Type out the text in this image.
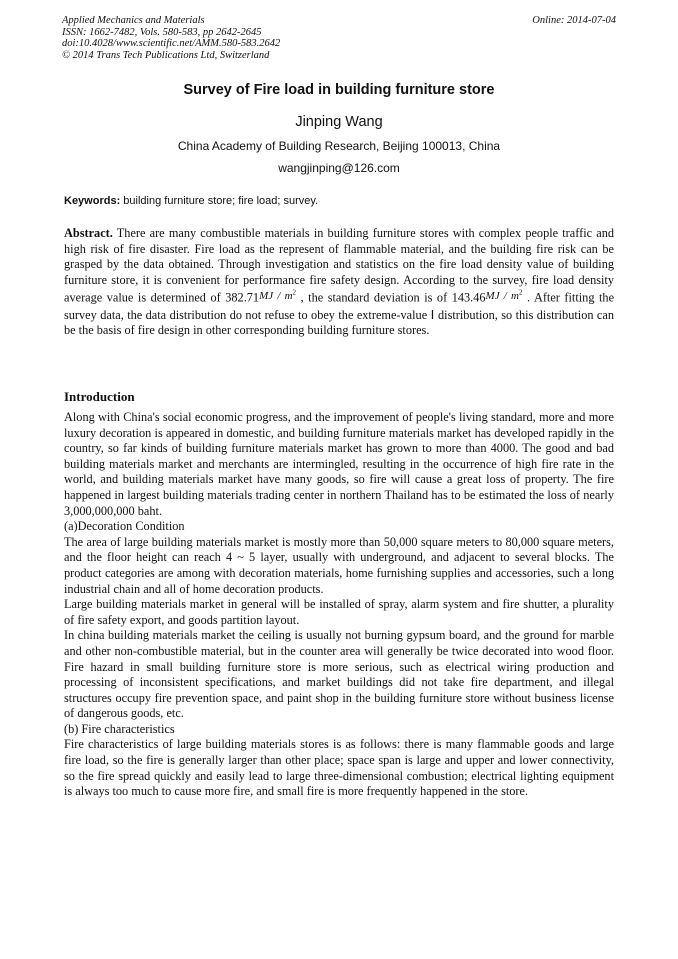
Applied Mechanics and Materials
ISSN: 1662-7482, Vols. 580-583, pp 2642-2645
doi:10.4028/www.scientific.net/AMM.580-583.2642
© 2014 Trans Tech Publications Ltd, Switzerland
Online: 2014-07-04
Survey of Fire load in building furniture store
Jinping Wang
China Academy of Building Research, Beijing 100013, China
wangjinping@126.com
Keywords: building furniture store; fire load; survey.

Abstract. There are many combustible materials in building furniture stores with complex people traffic and high risk of fire disaster. Fire load as the represent of flammable material, and the building fire risk can be grasped by the data obtained. Through investigation and statistics on the fire load density value of building furniture store, it is convenient for performance fire safety design. According to the survey, fire load density average value is determined of $382.71MJ / m^2$ , the standard deviation is of $143.46MJ / m^2$ . After fitting the survey data, the data distribution do not refuse to obey the extreme-value Ⅰ distribution, so this distribution can be the basis of fire design in other corresponding building furniture stores.

Introduction

Along with China's social economic progress, and the improvement of people's living standard, more and more luxury decoration is appeared in domestic, and building furniture materials market has developed rapidly in the country, so far kinds of building furniture materials market has grown to more than 4000. The good and bad building materials market and merchants are intermingled, resulting in the occurrence of high fire rate in the world, and building materials market have many goods, so fire will cause a great loss of property. The fire happened in largest building materials trading center in northern Thailand has to be estimated the loss of nearly 3,000,000,000 baht.

(a)Decoration Condition

The area of large building materials market is mostly more than 50,000 square meters to 80,000 square meters, and the floor height can reach 4 ~ 5 layer, usually with underground, and adjacent to several blocks. The product categories are among with decoration materials, home furnishing supplies and accessories, such a long industrial chain and all of home decoration products.

Large building materials market in general will be installed of spray, alarm system and fire shutter, a plurality of fire safety export, and goods partition layout.

In china building materials market the ceiling is usually not burning gypsum board, and the ground for marble and other non-combustible material, but in the counter area will generally be twice decorated into wood floor. Fire hazard in small building furniture store is more serious, such as electrical wiring production and processing of inconsistent specifications, and market buildings did not take fire department, and illegal structures occupy fire prevention space, and paint shop in the building furniture store without business license of dangerous goods, etc.

(b) Fire characteristics

Fire characteristics of large building materials stores is as follows: there is many flammable goods and large fire load, so the fire is generally larger than other place; space span is large and upper and lower connectivity, so the fire spread quickly and easily lead to large three-dimensional combustion; electrical lighting equipment is always too much to cause more fire, and small fire is more frequently happened in the store.
